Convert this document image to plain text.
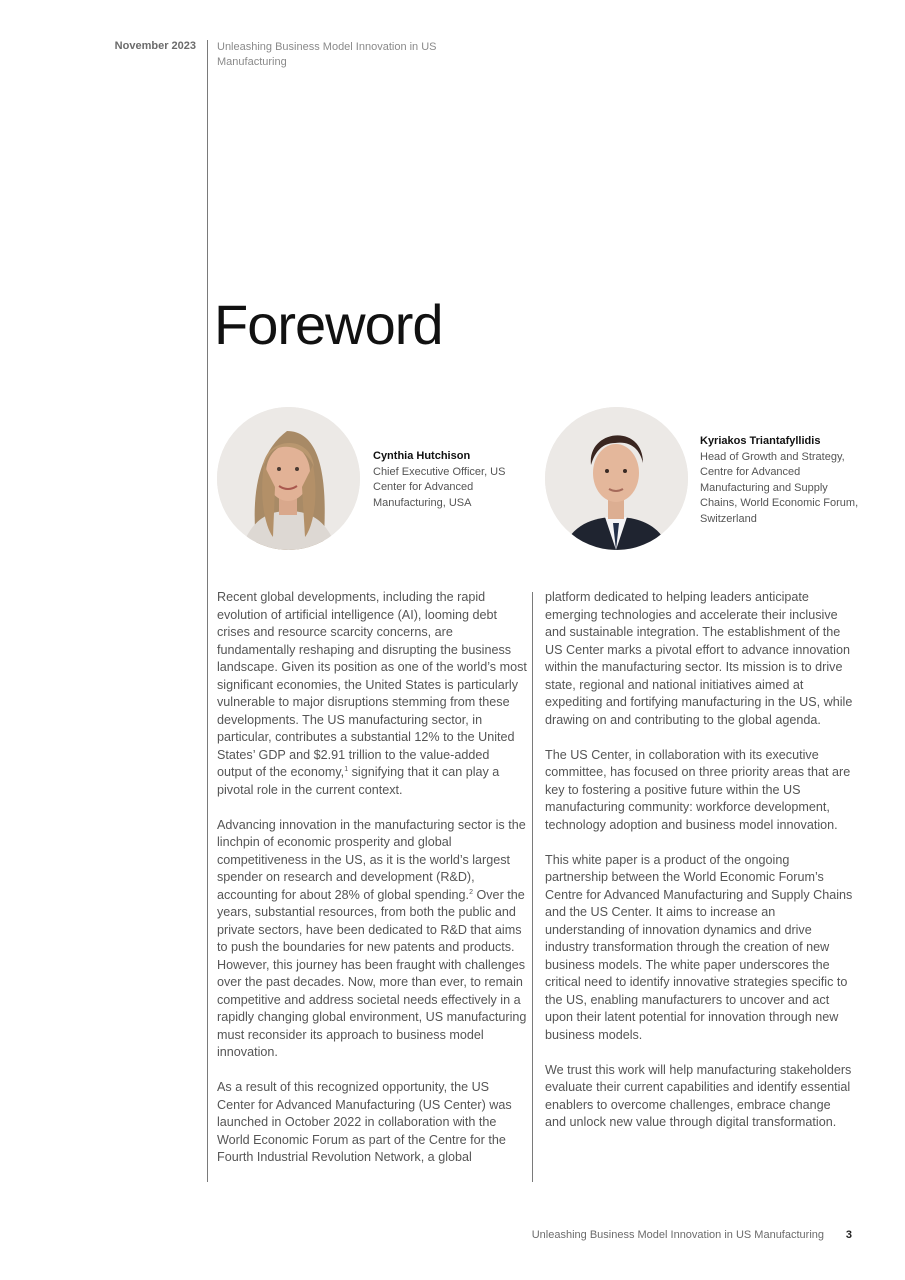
November 2023 Unleashing Business Model Innovation in US Manufacturing
Foreword
Cynthia Hutchison
Chief Executive Officer, US Center for Advanced Manufacturing, USA
Kyriakos Triantafyllidis
Head of Growth and Strategy, Centre for Advanced Manufacturing and Supply Chains, World Economic Forum, Switzerland

Recent global developments, including the rapid evolution of artificial intelligence (AI), looming debt crises and resource scarcity concerns, are fundamentally reshaping and disrupting the business landscape. Given its position as one of the world’s most significant economies, the United States is particularly vulnerable to major disruptions stemming from these developments. The US manufacturing sector, in particular, contributes a substantial 12% to the United States’ GDP and $2.91 trillion to the value-added output of the economy,$^1$ signifying that it can play a pivotal role in the current context.

Advancing innovation in the manufacturing sector is the linchpin of economic prosperity and global competitiveness in the US, as it is the world’s largest spender on research and development (R&D), accounting for about 28% of global spending.$^2$ Over the years, substantial resources, from both the public and private sectors, have been dedicated to R&D that aims to push the boundaries for new patents and products. However, this journey has been fraught with challenges over the past decades. Now, more than ever, to remain competitive and address societal needs effectively in a rapidly changing global environment, US manufacturing must reconsider its approach to business model innovation.

As a result of this recognized opportunity, the US Center for Advanced Manufacturing (US Center) was launched in October 2022 in collaboration with the World Economic Forum as part of the Centre for the Fourth Industrial Revolution Network, a global

platform dedicated to helping leaders anticipate emerging technologies and accelerate their inclusive and sustainable integration. The establishment of the US Center marks a pivotal effort to advance innovation within the manufacturing sector. Its mission is to drive state, regional and national initiatives aimed at expediting and fortifying manufacturing in the US, while drawing on and contributing to the global agenda.

The US Center, in collaboration with its executive committee, has focused on three priority areas that are key to fostering a positive future within the US manufacturing community: workforce development, technology adoption and business model innovation.

This white paper is a product of the ongoing partnership between the World Economic Forum’s Centre for Advanced Manufacturing and Supply Chains and the US Center. It aims to increase an understanding of innovation dynamics and drive industry transformation through the creation of new business models. The white paper underscores the critical need to identify innovative strategies specific to the US, enabling manufacturers to uncover and act upon their latent potential for innovation through new business models.

We trust this work will help manufacturing stakeholders evaluate their current capabilities and identify essential enablers to overcome challenges, embrace change and unlock new value through digital transformation.

Unleashing Business Model Innovation in US Manufacturing	3
